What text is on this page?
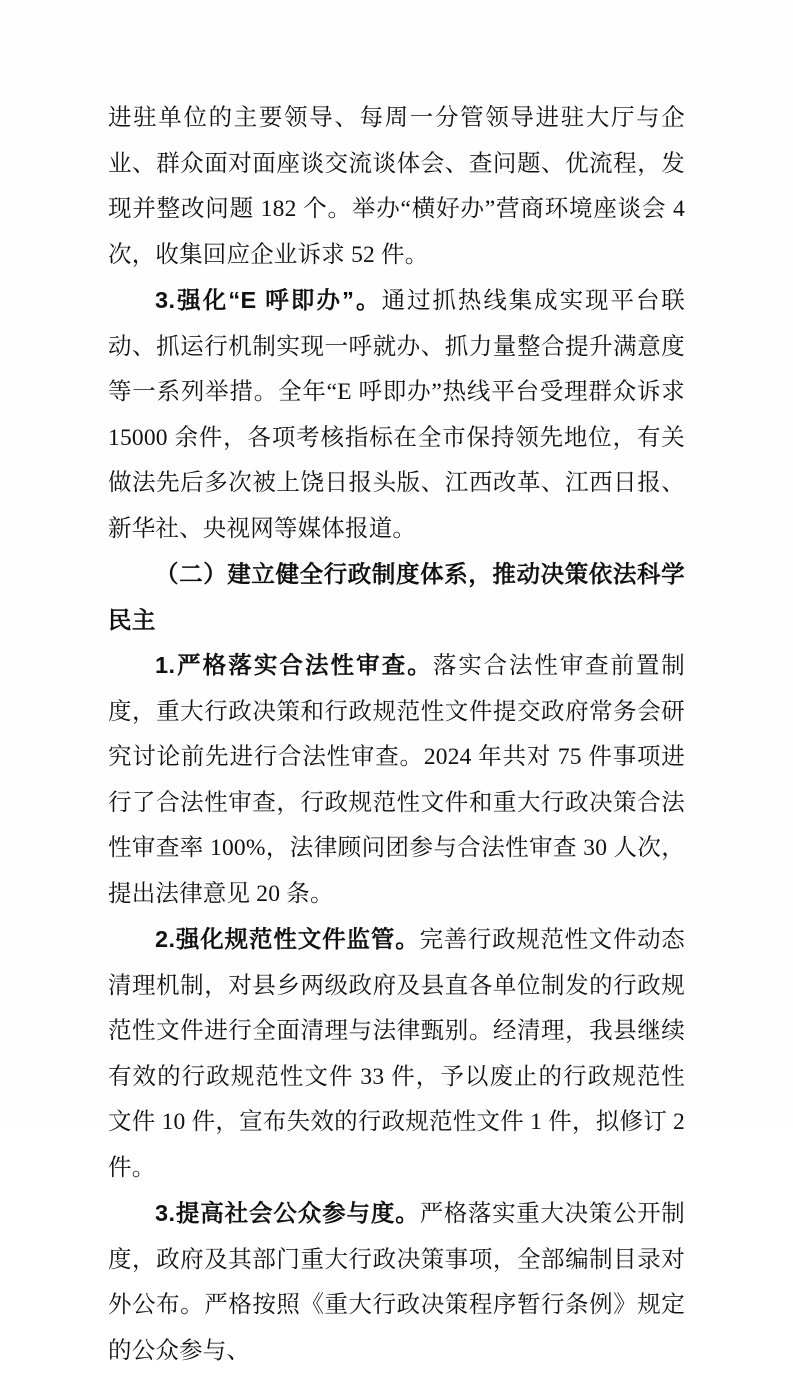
进驻单位的主要领导、每周一分管领导进驻大厅与企业、群众面对面座谈交流谈体会、查问题、优流程，发现并整改问题 182 个。举办“横好办”营商环境座谈会 4 次，收集回应企业诉求 52 件。

3.强化“E 呼即办”。通过抓热线集成实现平台联动、抓运行机制实现一呼就办、抓力量整合提升满意度等一系列举措。全年“E 呼即办”热线平台受理群众诉求 15000 余件，各项考核指标在全市保持领先地位，有关做法先后多次被上饶日报头版、江西改革、江西日报、新华社、央视网等媒体报道。

（二）建立健全行政制度体系，推动决策依法科学民主

1.严格落实合法性审查。落实合法性审查前置制度，重大行政决策和行政规范性文件提交政府常务会研究讨论前先进行合法性审查。2024 年共对 75 件事项进行了合法性审查，行政规范性文件和重大行政决策合法性审查率 100%，法律顾问团参与合法性审查 30 人次，提出法律意见 20 条。

2.强化规范性文件监管。完善行政规范性文件动态清理机制，对县乡两级政府及县直各单位制发的行政规范性文件进行全面清理与法律甄别。经清理，我县继续有效的行政规范性文件 33 件，予以废止的行政规范性文件 10 件，宣布失效的行政规范性文件 1 件，拟修订 2 件。

3.提高社会公众参与度。严格落实重大决策公开制度，政府及其部门重大行政决策事项，全部编制目录对外公布。严格按照《重大行政决策程序暂行条例》规定的公众参与、
